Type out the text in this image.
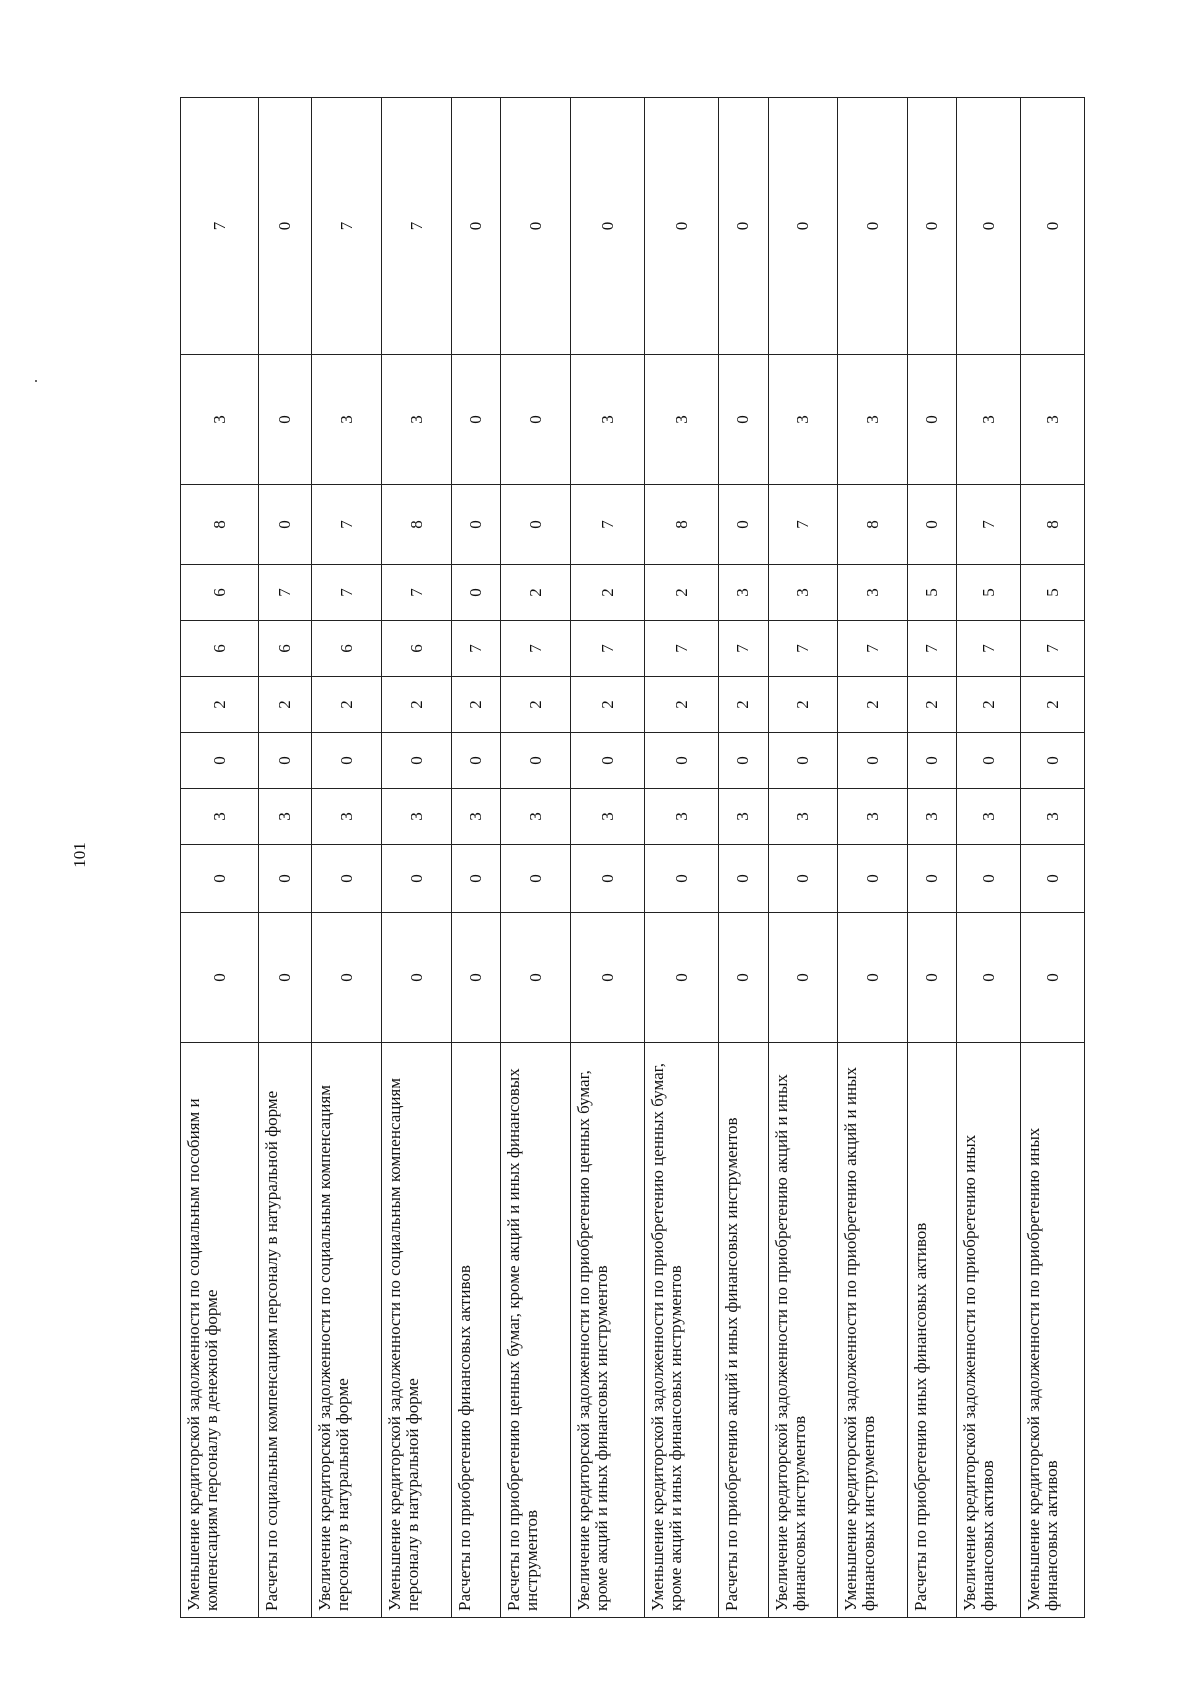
101
Уменьшение кредиторской задолженности по социальным пособиям и компенсациям персоналу в денежной форме	0	0	3	0	2	6	6	8	3	7
Расчеты по социальным компенсациям персоналу в натуральной форме	0	0	3	0	2	6	7	0	0	0
Увеличение кредиторской задолженности по социальным компенсациям персоналу в натуральной форме	0	0	3	0	2	6	7	7	3	7
Уменьшение кредиторской задолженности по социальным компенсациям персоналу в натуральной форме	0	0	3	0	2	6	7	8	3	7
Расчеты по приобретению финансовых активов	0	0	3	0	2	7	0	0	0	0
Расчеты по приобретению ценных бумаг, кроме акций и иных финансовых инструментов	0	0	3	0	2	7	2	0	0	0
Увеличение кредиторской задолженности по приобретению ценных бумаг, кроме акций и иных финансовых инструментов	0	0	3	0	2	7	2	7	3	0
Уменьшение кредиторской задолженности по приобретению ценных бумаг, кроме акций и иных финансовых инструментов	0	0	3	0	2	7	2	8	3	0
Расчеты по приобретению акций и иных финансовых инструментов	0	0	3	0	2	7	3	0	0	0
Увеличение кредиторской задолженности по приобретению акций и иных финансовых инструментов	0	0	3	0	2	7	3	7	3	0
Уменьшение кредиторской задолженности по приобретению акций и иных финансовых инструментов	0	0	3	0	2	7	3	8	3	0
Расчеты по приобретению иных финансовых активов	0	0	3	0	2	7	5	0	0	0
Увеличение кредиторской задолженности по приобретению иных финансовых активов	0	0	3	0	2	7	5	7	3	0
Уменьшение кредиторской задолженности по приобретению иных финансовых активов	0	0	3	0	2	7	5	8	3	0
